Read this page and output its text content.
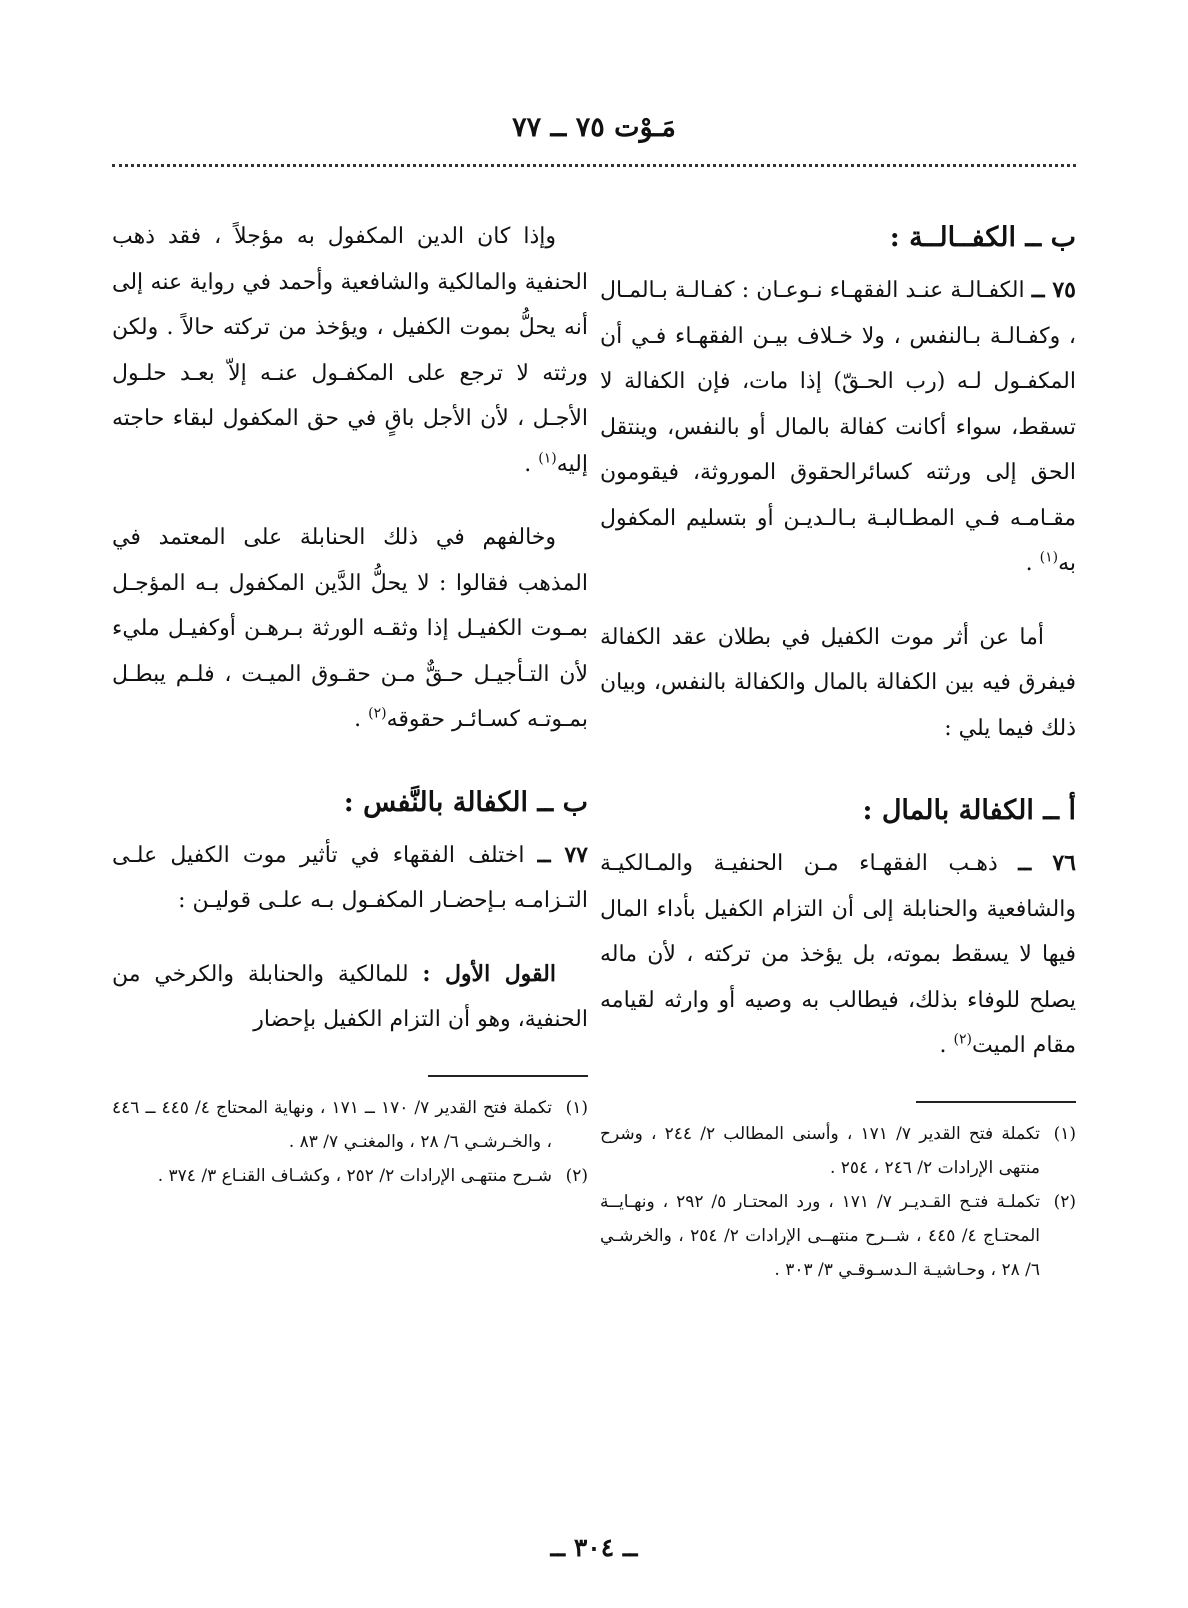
مَـوْت ٧٥ ــ ٧٧
ب ــ الكفــالــة :

٧٥ ــ الكفـالـة عنـد الفقهـاء نـوعـان : كفـالـة بـالمـال ، وكفـالـة بـالنفس ، ولا خـلاف بيـن الفقهـاء فـي أن المكفـول لـه (رب الحـقّ) إذا مات، فإن الكفالة لا تسقط، سواء أكانت كفالة بالمال أو بالنفس، وينتقل الحق إلى ورثته كسائرالحقوق الموروثة، فيقومون مقـامـه فـي المطـالبـة بـالـديـن أو بتسليم المكفول به$^{(١)}$ .

أما عن أثر موت الكفيل في بطلان عقد الكفالة فيفرق فيه بين الكفالة بالمال والكفالة بالنفس، وبيان ذلك فيما يلي :

أ ــ الكفالة بالمال :

٧٦ ــ ذهـب الفقهـاء مـن الحنفيـة والمـالكيـة والشافعية والحنابلة إلى أن التزام الكفيل بأداء المال فيها لا يسقط بموته، بل يؤخذ من تركته ، لأن ماله يصلح للوفاء بذلك، فيطالب به وصيه أو وارثه لقيامه مقام الميت$^{(٢)}$ .

(١)
تكملة فتح القدير ٧/ ١٧١ ، وأسنى المطالب ٢/ ٢٤٤ ، وشرح منتهى الإرادات ٢/ ٢٤٦ ، ٢٥٤ .

(٢)
تكملـة فتـح القـديـر ٧/ ١٧١ ، ورد المحتـار ٥/ ٢٩٢ ، ونهـايــة المحتـاج ٤/ ٤٤٥ ، شــرح منتهــى الإرادات ٢/ ٢٥٤ ، والخرشـي ٦/ ٢٨ ، وحـاشيـة الـدسـوقـي ٣/ ٣٠٣ .

وإذا كان الدين المكفول به مؤجلاً ، فقد ذهب الحنفية والمالكية والشافعية وأحمد في رواية عنه إلى أنه يحلُّ بموت الكفيل ، ويؤخذ من تركته حالاً . ولكن ورثته لا ترجع على المكفـول عنـه إلاّ بعـد حلـول الأجـل ، لأن الأجل باقٍ في حق المكفول لبقاء حاجته إليه$^{(١)}$ .

وخالفهم في ذلك الحنابلة على المعتمد في المذهب فقالوا : لا يحلُّ الدَّين المكفول بـه المؤجـل بمـوت الكفيـل إذا وثقـه الورثة بـرهـن أوكفيـل مليء لأن التـأجيـل حـقٌّ مـن حقـوق الميـت ، فلـم يبطـل بمـوتـه كسـائـر حقوقه$^{(٢)}$ .

ب ــ الكفالة بالنَّفس :

٧٧ ــ اختلف الفقهاء في تأثير موت الكفيل علـى التـزامـه بـإحضـار المكفـول بـه علـى قوليـن :

القول الأول : للمالكية والحنابلة والكرخي من الحنفية، وهو أن التزام الكفيل بإحضار

(١)
تكملة فتح القدير ٧/ ١٧٠ ــ ١٧١ ، ونهاية المحتاج ٤/ ٤٤٥ ــ ٤٤٦ ، والخـرشـي ٦/ ٢٨ ، والمغنـي ٧/ ٨٣ .

(٢)
شـرح منتهـى الإرادات ٢/ ٢٥٢ ، وكشـاف القنـاع ٣/ ٣٧٤ .

ــ ٣٠٤ ــ
